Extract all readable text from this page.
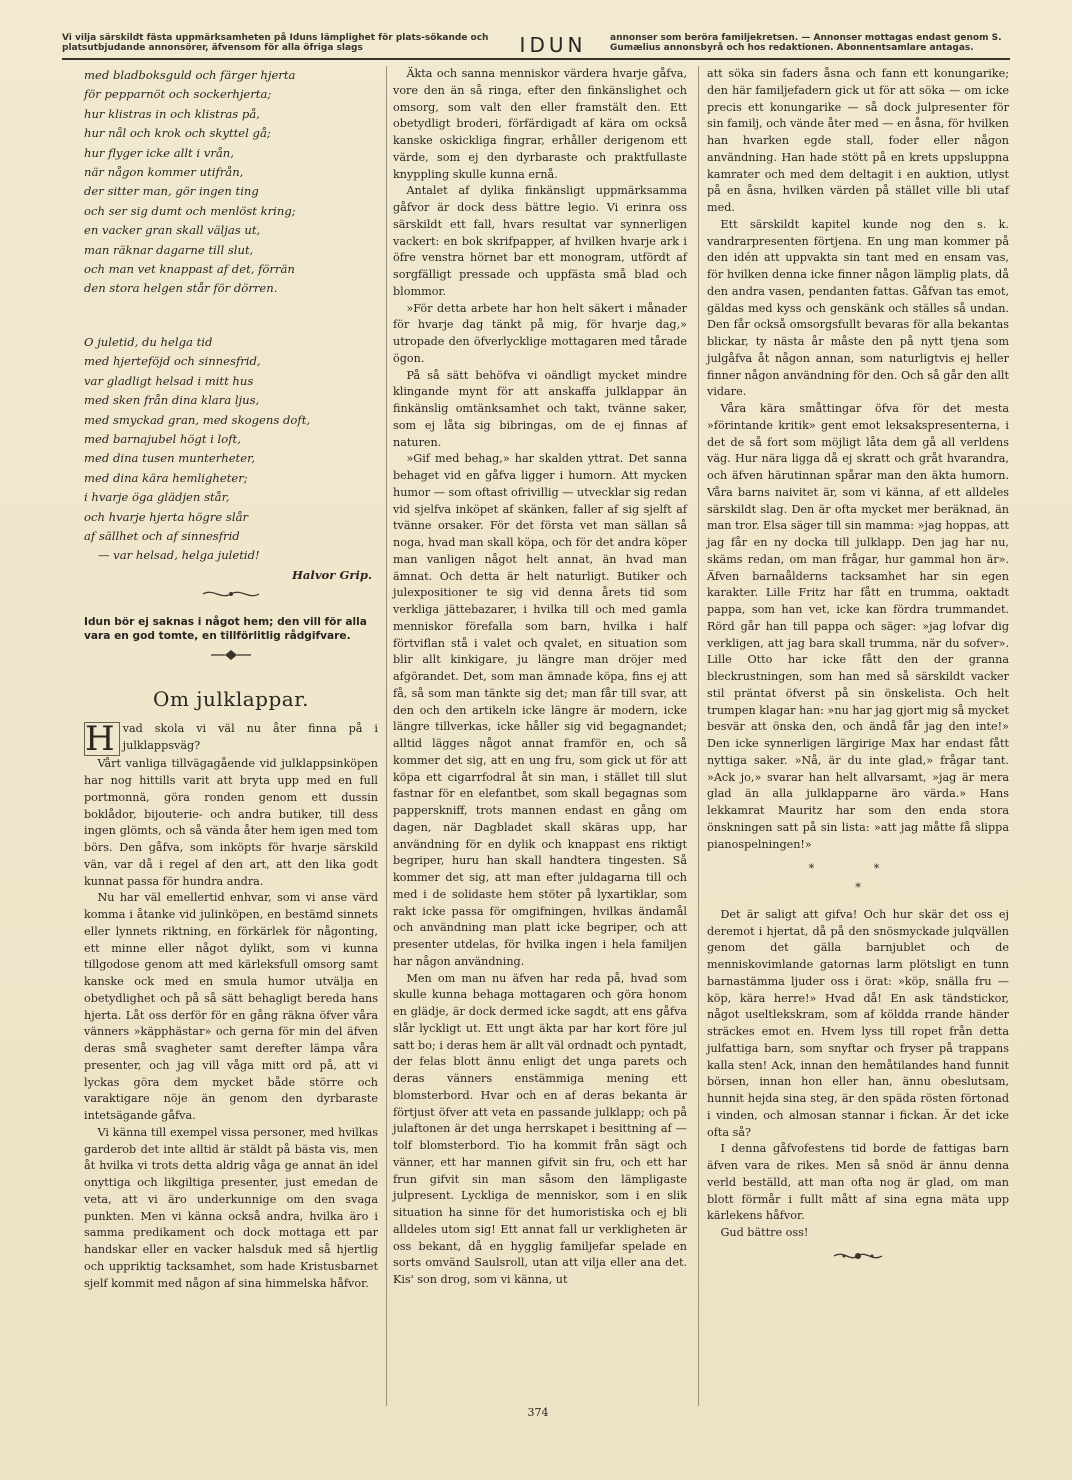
Vi vilja särskildt fästa uppmärksamheten på Iduns lämplighet för plats-sökande och platsutbjudande annonsörer, äfvensom för alla öfriga slags	IDUN	annonser som beröra familjekretsen. — Annonser mottagas endast genom S. Gumælius annonsbyrå och hos redaktionen. Abonnentsamlare antagas.
med bladboksguld och färger hjerta
för pepparnöt och sockerhjerta;
hur klistras in och klistras på,
hur nål och krok och skyttel gå;
hur flyger icke allt i vrån,
när någon kommer utifrån,
der sitter man, gör ingen ting
och ser sig dumt och menlöst kring;
en vacker gran skall väljas ut,
man räknar dagarne till slut,
och man vet knappast af det, förrän
den stora helgen står för dörren.
O juletid, du helga tid
med hjerteföjd och sinnesfrid,
var gladligt helsad i mitt hus
med sken från dina klara ljus,
med smyckad gran, med skogens doft,
med barnajubel högt i loft,
med dina tusen munterheter,
med dina kära hemligheter;
i hvarje öga glädjen står,
och hvarje hjerta högre slår
af sällhet och af sinnesfrid
— var helsad, helga juletid!
Halvor Grip.
Idun bör ej saknas i något hem; den vill för alla vara en god tomte, en tillförlitlig rådgifvare.
Om julklappar.

H vad skola vi väl nu åter finna på i julklappsväg?

Vårt vanliga tillvägagående vid julklappsinköpen har nog hittills varit att bryta upp med en full portmonnä, göra ronden genom ett dussin boklådor, bijouterie- och andra butiker, till dess ingen glömts, och så vända åter hem igen med tom börs. Den gåfva, som inköpts för hvarje särskild vän, var då i regel af den art, att den lika godt kunnat passa för hundra andra.

Nu har väl emellertid enhvar, som vi anse värd komma i åtanke vid julinköpen, en bestämd sinnets eller lynnets riktning, en förkärlek för någonting, ett minne eller något dylikt, som vi kunna tillgodose genom att med kärleksfull omsorg samt kanske ock med en smula humor utvälja en obetydlighet och på så sätt behagligt bereda hans hjerta. Låt oss derför för en gång räkna öfver våra vänners »käpphästar» och gerna för min del äfven deras små svagheter samt derefter lämpa våra presenter, och jag vill våga mitt ord på, att vi lyckas göra dem mycket både större och varaktigare nöje än genom den dyrbaraste intetsägande gåfva.

Vi känna till exempel vissa personer, med hvilkas garderob det inte alltid är stäldt på bästa vis, men åt hvilka vi trots detta aldrig våga ge annat än idel onyttiga och likgiltiga presenter, just emedan de veta, att vi äro underkunnige om den svaga punkten. Men vi känna också andra, hvilka äro i samma predikament och dock mottaga ett par handskar eller en vacker halsduk med så hjertlig och uppriktig tacksamhet, som hade Kristusbarnet sjelf kommit med någon af sina himmelska håfvor.

Äkta och sanna menniskor värdera hvarje gåfva, vore den än så ringa, efter den finkänslighet och omsorg, som valt den eller framstält den. Ett obetydligt broderi, förfärdigadt af kära om också kanske oskickliga fingrar, erhåller derigenom ett värde, som ej den dyrbaraste och praktfullaste knyppling skulle kunna ernå.

Antalet af dylika finkänsligt uppmärksamma gåfvor är dock dess bättre legio. Vi erinra oss särskildt ett fall, hvars resultat var synnerligen vackert: en bok skrifpapper, af hvilken hvarje ark i öfre venstra hörnet bar ett monogram, utfördt af sorgfälligt pressade och uppfästa små blad och blommor.

»För detta arbete har hon helt säkert i månader för hvarje dag tänkt på mig, för hvarje dag,» utropade den öfverlycklige mottagaren med tårade ögon.

På så sätt behöfva vi oändligt mycket mindre klingande mynt för att anskaffa julklappar än finkänslig omtänksamhet och takt, tvänne saker, som ej låta sig bibringas, om de ej finnas af naturen.

»Gif med behag,» har skalden yttrat. Det sanna behaget vid en gåfva ligger i humorn. Att mycken humor — som oftast ofrivillig — utvecklar sig redan vid sjelfva inköpet af skänken, faller af sig sjelft af tvänne orsaker. För det första vet man sällan så noga, hvad man skall köpa, och för det andra köper man vanligen något helt annat, än hvad man ämnat. Och detta är helt naturligt. Butiker och julexpositioner te sig vid denna årets tid som verkliga jättebazarer, i hvilka till och med gamla menniskor förefalla som barn, hvilka i half förtviflan stå i valet och qvalet, en situation som blir allt kinkigare, ju längre man dröjer med afgörandet. Det, som man ämnade köpa, fins ej att få, så som man tänkte sig det; man får till svar, att den och den artikeln icke längre är modern, icke längre tillverkas, icke håller sig vid begagnandet; alltid lägges något annat framför en, och så kommer det sig, att en ung fru, som gick ut för att köpa ett cigarrfodral åt sin man, i stället till slut fastnar för en elefantbet, som skall begagnas som papperskniff, trots mannen endast en gång om dagen, när Dagbladet skall skäras upp, har användning för en dylik och knappast ens riktigt begriper, huru han skall handtera tingesten. Så kommer det sig, att man efter juldagarna till och med i de solidaste hem stöter på lyxartiklar, som rakt icke passa för omgifningen, hvilkas ändamål och användning man platt icke begriper, och att presenter utdelas, för hvilka ingen i hela familjen har någon användning.

Men om man nu äfven har reda på, hvad som skulle kunna behaga mottagaren och göra honom en glädje, är dock dermed icke sagdt, att ens gåfva slår lyckligt ut. Ett ungt äkta par har kort före jul satt bo; i deras hem är allt väl ordnadt och pyntadt, der felas blott ännu enligt det unga parets och deras vänners enstämmiga mening ett blomsterbord. Hvar och en af deras bekanta är förtjust öfver att veta en passande julklapp; och på julaftonen är det unga herrskapet i besittning af — tolf blomsterbord. Tio ha kommit från sägt och vänner, ett har mannen gifvit sin fru, och ett har frun gifvit sin man såsom den lämpligaste julpresent. Lyckliga de menniskor, som i en slik situation ha sinne för det humoristiska och ej bli alldeles utom sig! Ett annat fall ur verkligheten är oss bekant, då en hygglig familjefar spelade en sorts omvänd Saulsroll, utan att vilja eller ana det. Kis' son drog, som vi känna, ut

att söka sin faders åsna och fann ett konungarike; den här familjefadern gick ut för att söka — om icke precis ett konungarike — så dock julpresenter för sin familj, och vände åter med — en åsna, för hvilken han hvarken egde stall, foder eller någon användning. Han hade stött på en krets uppsluppna kamrater och med dem deltagit i en auktion, utlyst på en åsna, hvilken värden på stället ville bli utaf med.

Ett särskildt kapitel kunde nog den s. k. vandrarpresenten förtjena. En ung man kommer på den idén att uppvakta sin tant med en ensam vas, för hvilken denna icke finner någon lämplig plats, då den andra vasen, pendanten fattas. Gåfvan tas emot, gäldas med kyss och genskänk och ställes så undan. Den får också omsorgsfullt bevaras för alla bekantas blickar, ty nästa år måste den på nytt tjena som julgåfva åt någon annan, som naturligtvis ej heller finner någon användning för den. Och så går den allt vidare.

Våra kära småttingar öfva för det mesta »förintande kritik» gent emot leksakspresenterna, i det de så fort som möjligt låta dem gå all verldens väg. Hur nära ligga då ej skratt och gråt hvarandra, och äfven härutinnan spårar man den äkta humorn. Våra barns naivitet är, som vi känna, af ett alldeles särskildt slag. Den är ofta mycket mer beräknad, än man tror. Elsa säger till sin mamma: »jag hoppas, att jag får en ny docka till julklapp. Den jag har nu, skäms redan, om man frågar, hur gammal hon är». Äfven barnaålderns tacksamhet har sin egen karakter. Lille Fritz har fått en trumma, oaktadt pappa, som han vet, icke kan fördra trummandet. Rörd går han till pappa och säger: »jag lofvar dig verkligen, att jag bara skall trumma, när du sofver». Lille Otto har icke fått den der granna bleckrustningen, som han med så särskildt vacker stil präntat öfverst på sin önskelista. Och helt trumpen klagar han: »nu har jag gjort mig så mycket besvär att önska den, och ändå får jag den inte!» Den icke synnerligen lärgirige Max har endast fått nyttiga saker. »Nå, är du inte glad,» frågar tant. »Ack jo,» svarar han helt allvarsamt, »jag är mera glad än alla julklapparne äro värda.» Hans lekkamrat Mauritz har som den enda stora önskningen satt på sin lista: »att jag måtte få slippa pianospelningen!»

* *
*

Det är saligt att gifva! Och hur skär det oss ej deremot i hjertat, då på den snösmyckade julqvällen genom det gälla barnjublet och de menniskovimlande gatornas larm plötsligt en tunn barnastämma ljuder oss i örat: »köp, snälla fru — köp, kära herre!» Hvad då! En ask tändstickor, något useltlekskram, som af köldda rrande händer sträckes emot en. Hvem lyss till ropet från detta julfattiga barn, som snyftar och fryser på trappans kalla sten! Ack, innan den hemåtilandes hand funnit börsen, innan hon eller han, ännu obeslutsam, hunnit hejda sina steg, är den späda rösten förtonad i vinden, och almosan stannar i fickan. Är det icke ofta så?

I denna gåfvofestens tid borde de fattigas barn äfven vara de rikes. Men så snöd är ännu denna verld beställd, att man ofta nog är glad, om man blott förmår i fullt mått af sina egna mäta upp kärlekens håfvor.

Gud bättre oss!

374
